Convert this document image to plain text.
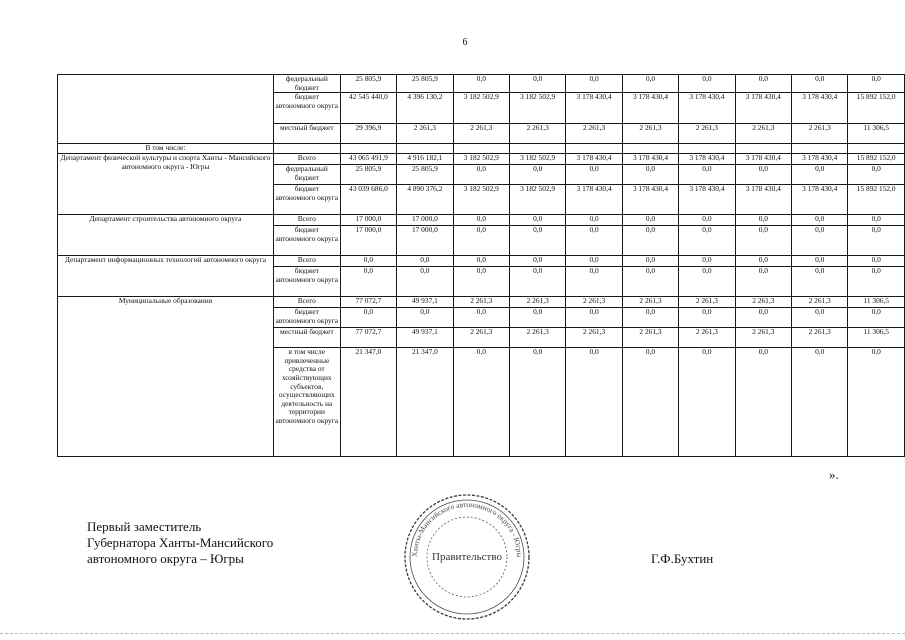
6
	федеральный бюджет	25 805,9	25 805,9	0,0	0,0	0,0	0,0	0,0	0,0	0,0	0,0
	бюджет автономного округа	42 545 440,0	4 396 130,2	3 182 502,9	3 182 502,9	3 178 430,4	3 178 430,4	3 178 430,4	3 178 430,4	3 178 430,4	15 892 152,0
	местный бюджет	29 396,9	2 261,3	2 261,3	2 261,3	2 261,3	2 261,3	2 261,3	2 261,3	2 261,3	11 306,5
В том числе:											
Департамент физической культуры и спорта Ханты - Мансийского автономного округа - Югры	Всего	43 065 491,9	4 916 182,1	3 182 502,9	3 182 502,9	3 178 430,4	3 178 430,4	3 178 430,4	3 178 430,4	3 178 430,4	15 892 152,0
	федеральный бюджет	25 805,9	25 805,9	0,0	0,0	0,0	0,0	0,0	0,0	0,0	0,0
	бюджет автономного округа	43 039 686,0	4 890 376,2	3 182 502,9	3 182 502,9	3 178 430,4	3 178 430,4	3 178 430,4	3 178 430,4	3 178 430,4	15 892 152,0
Департамент строительства автономного округа	Всего	17 000,0	17 000,0	0,0	0,0	0,0	0,0	0,0	0,0	0,0	0,0
	бюджет автономного округа	17 000,0	17 000,0	0,0	0,0	0,0	0,0	0,0	0,0	0,0	0,0
Департамент информационных технологий автономного округа	Всего	0,0	0,0	0,0	0,0	0,0	0,0	0,0	0,0	0,0	0,0
	бюджет автономного округа	0,0	0,0	0,0	0,0	0,0	0,0	0,0	0,0	0,0	0,0
Муниципальные образования	Всего	77 072,7	49 937,1	2 261,3	2 261,3	2 261,3	2 261,3	2 261,3	2 261,3	2 261,3	11 306,5
	бюджет автономного округа	0,0	0,0	0,0	0,0	0,0	0,0	0,0	0,0	0,0	0,0
	местный бюджет	77 072,7	49 937,1	2 261,3	2 261,3	2 261,3	2 261,3	2 261,3	2 261,3	2 261,3	11 306,5
	в том числе привлеченные средства от хозяйствующих субъектов, осуществляющих деятельность на территории автономного округа	21 347,0	21 347,0	0,0	0,0	0,0	0,0	0,0	0,0	0,0	0,0
».
Первый заместитель
Губернатора Ханты-Мансийского
автономного округа – Югры	Ханты-Мансийского автономного округа - Югры
Правительство	Г.Ф.Бухтин
